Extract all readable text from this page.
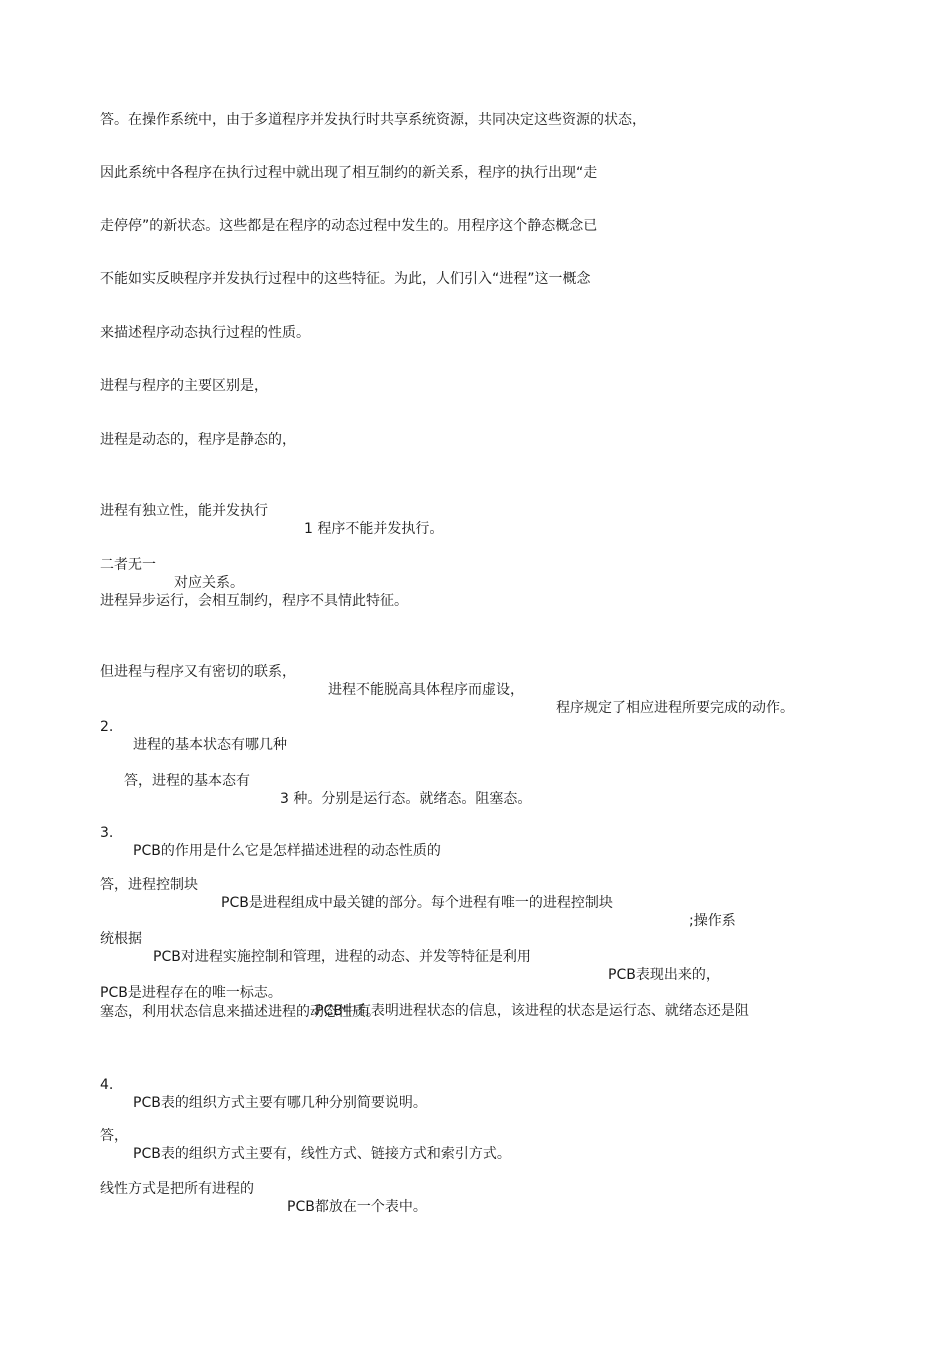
答。在操作系统中，由于多道程序并发执行时共享系统资源，共同决定这些资源的状态，
因此系统中各程序在执行过程中就出现了相互制约的新关系，程序的执行出现“走
走停停”的新状态。这些都是在程序的动态过程中发生的。用程序这个静态概念已
不能如实反映程序并发执行过程中的这些特征。为此，人们引入“进程”这一概念
来描述程序动态执行过程的性质。
进程与程序的主要区别是，
进程是动态的，程序是静态的，

进程有独立性，能并发执行

1 程序不能并发执行。

二者无一

对应关系。

进程异步运行，会相互制约，程序不具情此特征。

但进程与程序又有密切的联系，

进程不能脱高具体程序而虚设，

程序规定了相应进程所要完成的动作。

2.

进程的基本状态有哪几种

答，进程的基本态有

3 种。分别是运行态。就绪态。阻塞态。

3.

PCB的作用是什么它是怎样描述进程的动态性质的

答，进程控制块

PCB是进程组成中最关键的部分。每个进程有唯一的进程控制块

;操作系

统根据

PCB对进程实施控制和管理，进程的动态、并发等特征是利用

PCB表现出来的，

PCB是进程存在的唯一标志。

PCB中有表明进程状态的信息，该进程的状态是运行态、就绪态还是阻

塞态，利用状态信息来描述进程的动态性质。

4.

PCB表的组织方式主要有哪几种分别简要说明。

答，

PCB表的组织方式主要有，线性方式、链接方式和索引方式。

线性方式是把所有进程的

PCB都放在一个表中。
